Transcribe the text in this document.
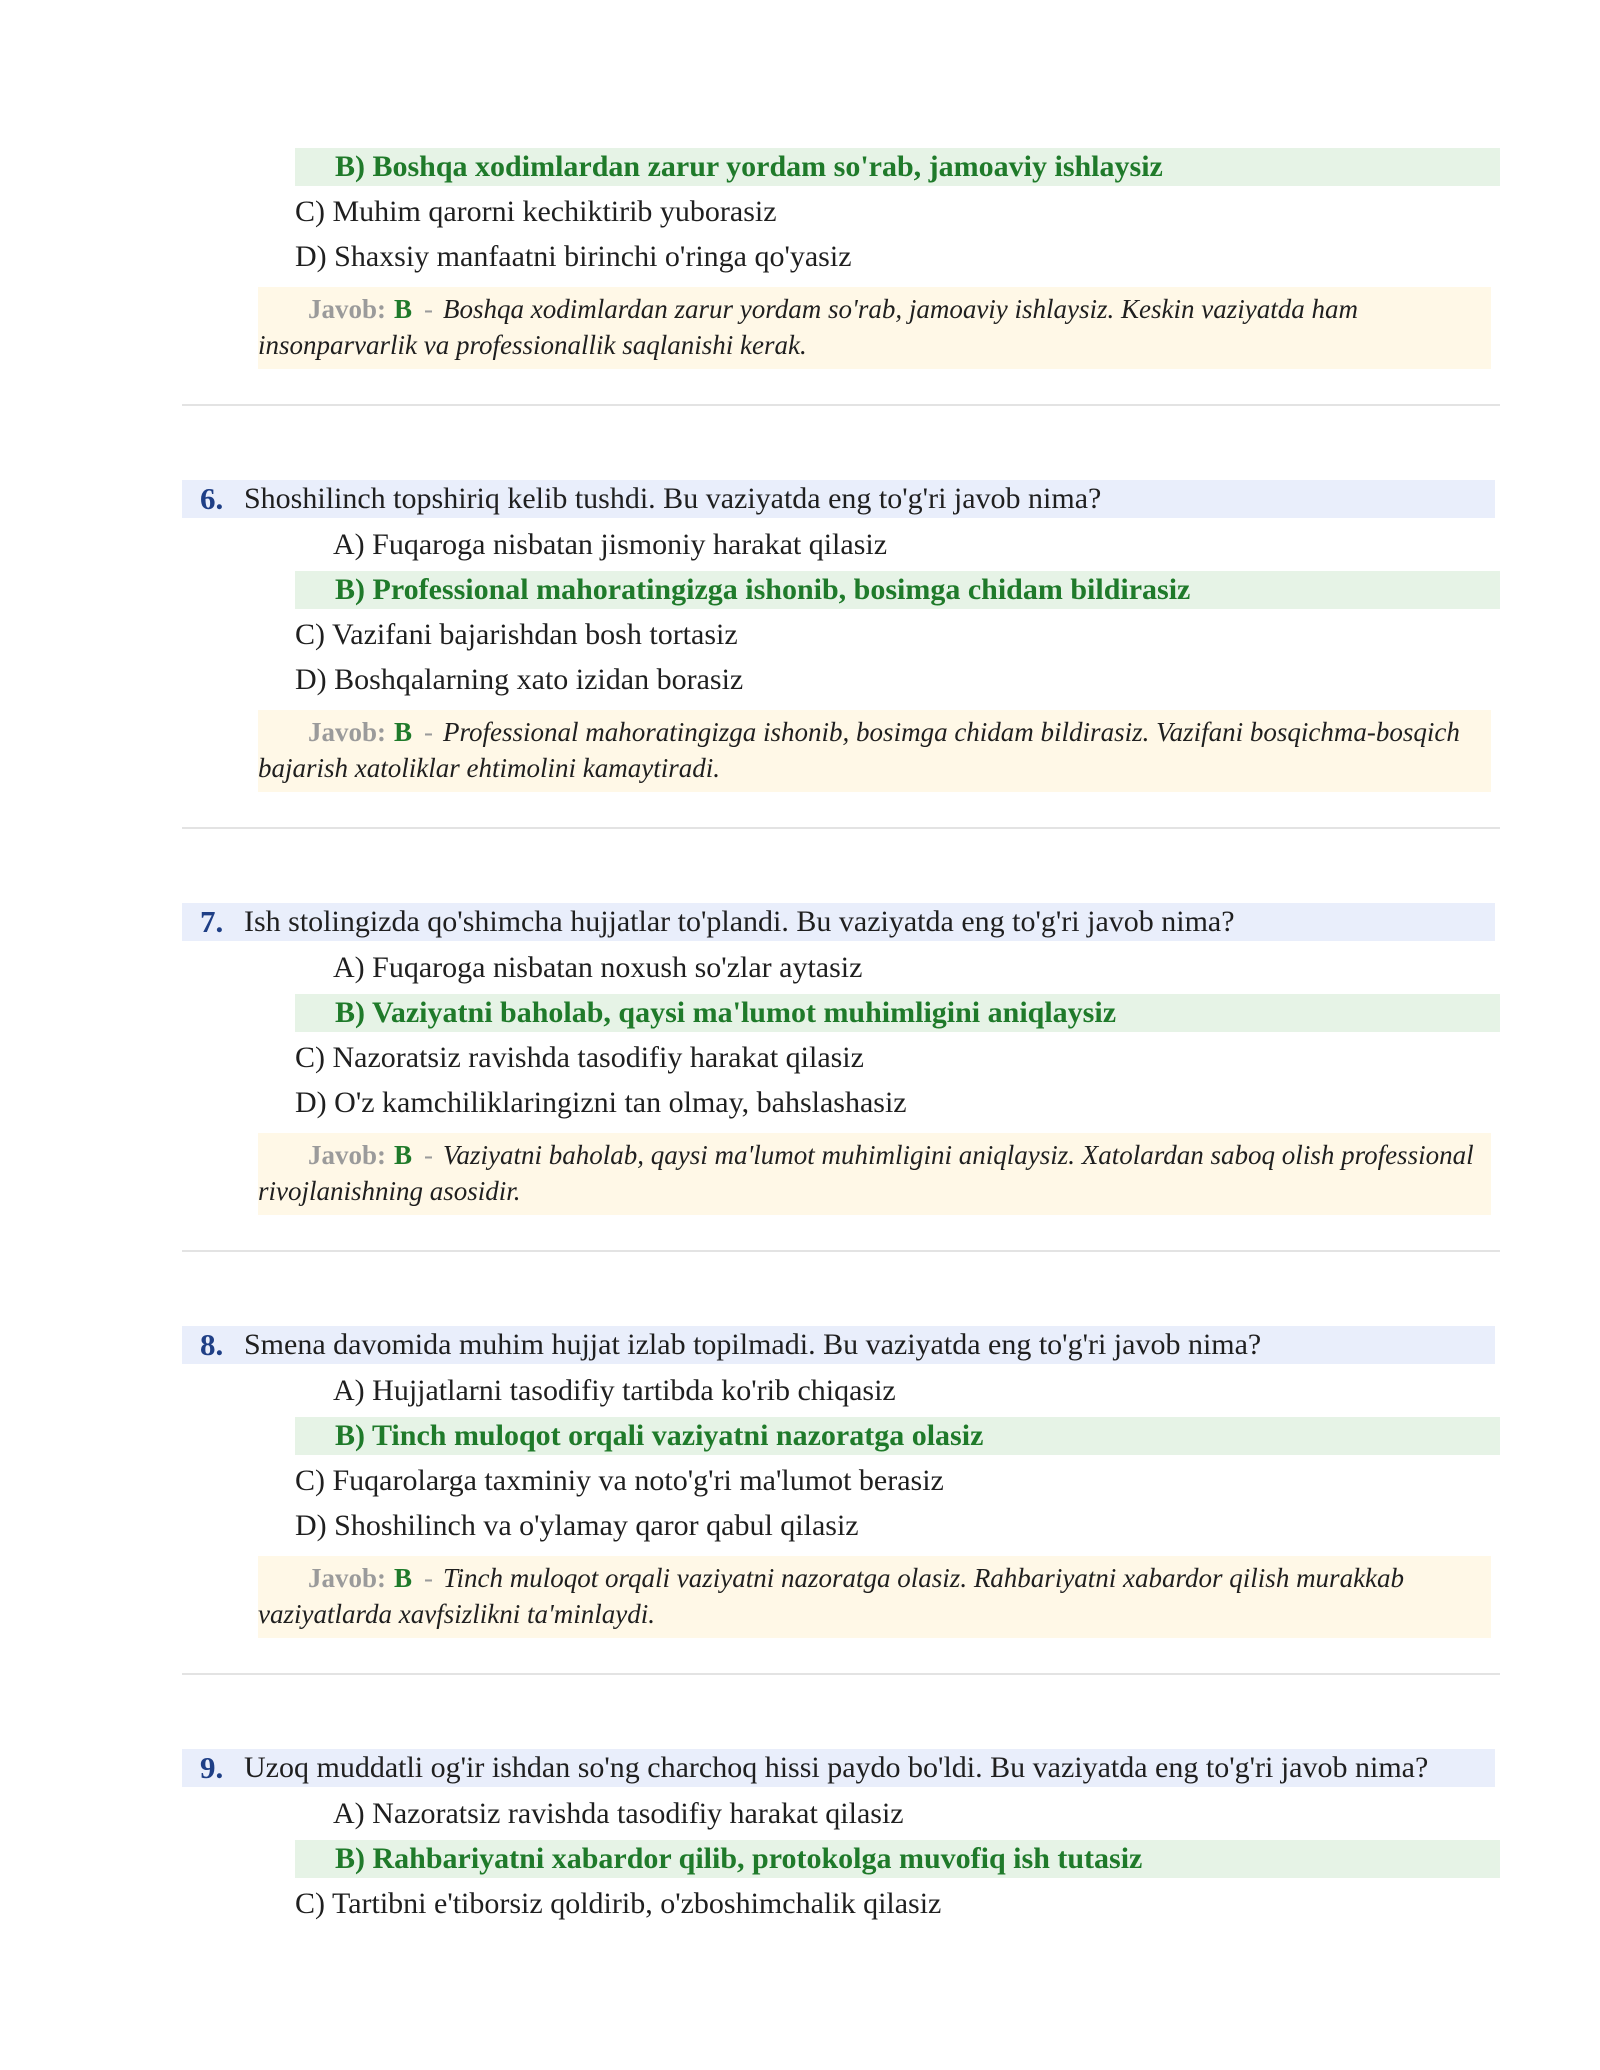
B) Boshqa xodimlardan zarur yordam so'rab, jamoaviy ishlaysiz
C) Muhim qarorni kechiktirib yuborasiz
D) Shaxsiy manfaatni birinchi o'ringa qo'yasiz
Javob: B - Boshqa xodimlardan zarur yordam so'rab, jamoaviy ishlaysiz. Keskin vaziyatda ham insonparvarlik va professionallik saqlanishi kerak.
6. Shoshilinch topshiriq kelib tushdi. Bu vaziyatda eng to'g'ri javob nima?
A) Fuqaroga nisbatan jismoniy harakat qilasiz
B) Professional mahoratingizga ishonib, bosimga chidam bildirasiz
C) Vazifani bajarishdan bosh tortasiz
D) Boshqalarning xato izidan borasiz
Javob: B - Professional mahoratingizga ishonib, bosimga chidam bildirasiz. Vazifani bosqichma-bosqich bajarish xatoliklar ehtimolini kamaytiradi.
7. Ish stolingizda qo'shimcha hujjatlar to'plandi. Bu vaziyatda eng to'g'ri javob nima?
A) Fuqaroga nisbatan noxush so'zlar aytasiz
B) Vaziyatni baholab, qaysi ma'lumot muhimligini aniqlaysiz
C) Nazoratsiz ravishda tasodifiy harakat qilasiz
D) O'z kamchiliklaringizni tan olmay, bahslashasiz
Javob: B - Vaziyatni baholab, qaysi ma'lumot muhimligini aniqlaysiz. Xatolardan saboq olish professional rivojlanishning asosidir.
8. Smena davomida muhim hujjat izlab topilmadi. Bu vaziyatda eng to'g'ri javob nima?
A) Hujjatlarni tasodifiy tartibda ko'rib chiqasiz
B) Tinch muloqot orqali vaziyatni nazoratga olasiz
C) Fuqarolarga taxminiy va noto'g'ri ma'lumot berasiz
D) Shoshilinch va o'ylamay qaror qabul qilasiz
Javob: B - Tinch muloqot orqali vaziyatni nazoratga olasiz. Rahbariyatni xabardor qilish murakkab vaziyatlarda xavfsizlikni ta'minlaydi.
9. Uzoq muddatli og'ir ishdan so'ng charchoq hissi paydo bo'ldi. Bu vaziyatda eng to'g'ri javob nima?
A) Nazoratsiz ravishda tasodifiy harakat qilasiz
B) Rahbariyatni xabardor qilib, protokolga muvofiq ish tutasiz
C) Tartibni e'tiborsiz qoldirib, o'zboshimchalik qilasiz
